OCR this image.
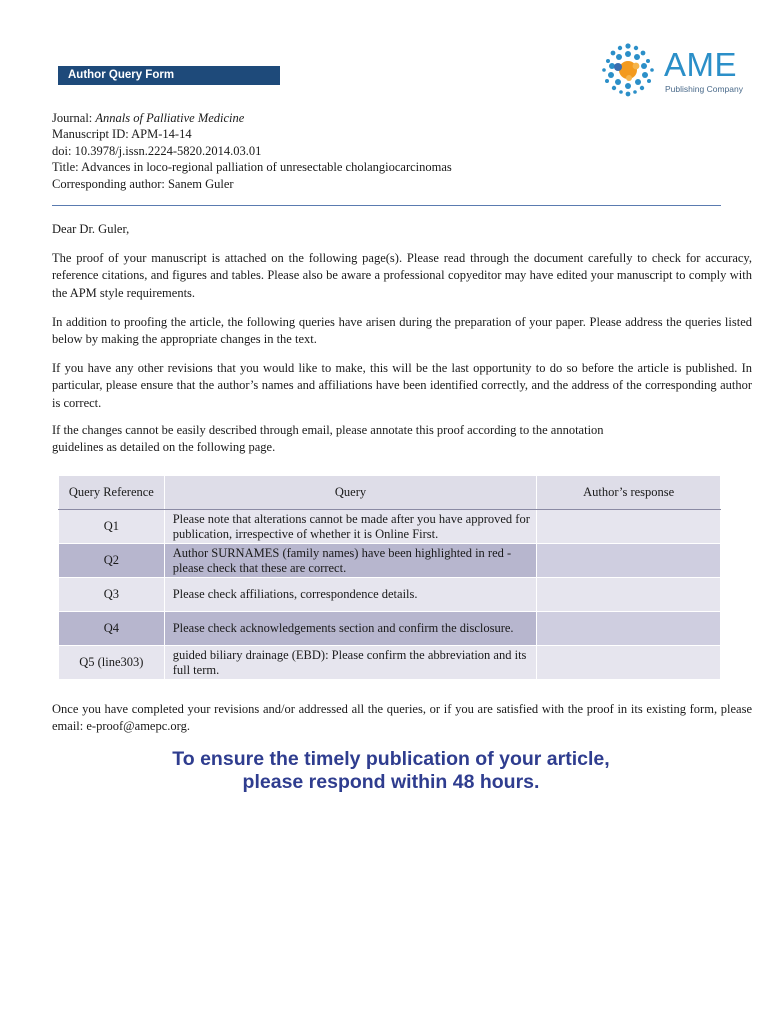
Author Query Form	AME
Publishing Company
Journal: Annals of Palliative Medicine
Manuscript ID: APM-14-14
doi: 10.3978/j.issn.2224-5820.2014.03.01
Title: Advances in loco-regional palliation of unresectable cholangiocarcinomas
Corresponding author: Sanem Guler

Dear Dr. Guler,

The proof of your manuscript is attached on the following page(s). Please read through the document carefully to check for accuracy, reference citations, and figures and tables. Please also be aware a professional copyeditor may have edited your manuscript to comply with the APM style requirements.

In addition to proofing the article, the following queries have arisen during the preparation of your paper. Please address the queries listed below by making the appropriate changes in the text.

If you have any other revisions that you would like to make, this will be the last opportunity to do so before the article is published. In particular, please ensure that the author’s names and affiliations have been identified correctly, and the address of the corresponding author is correct.

If the changes cannot be easily described through email, please annotate this proof according to the annotation
guidelines as detailed on the following page.
Query Reference	Query	Author’s response
Q1	Please note that alterations cannot be made after you have approved for publication, irrespective of whether it is Online First.	
Q2	Author SURNAMES (family names) have been highlighted in red - please check that these are correct.	
Q3	Please check affiliations, correspondence details.	
Q4	Please check acknowledgements section and confirm the disclosure.	
Q5 (line303)	guided biliary drainage (EBD): Please confirm the abbreviation and its full term.	

Once you have completed your revisions and/or addressed all the queries, or if you are satisfied with the proof in its existing form, please email: e-proof@amepc.org.

To ensure the timely publication of your article,
please respond within 48 hours.
